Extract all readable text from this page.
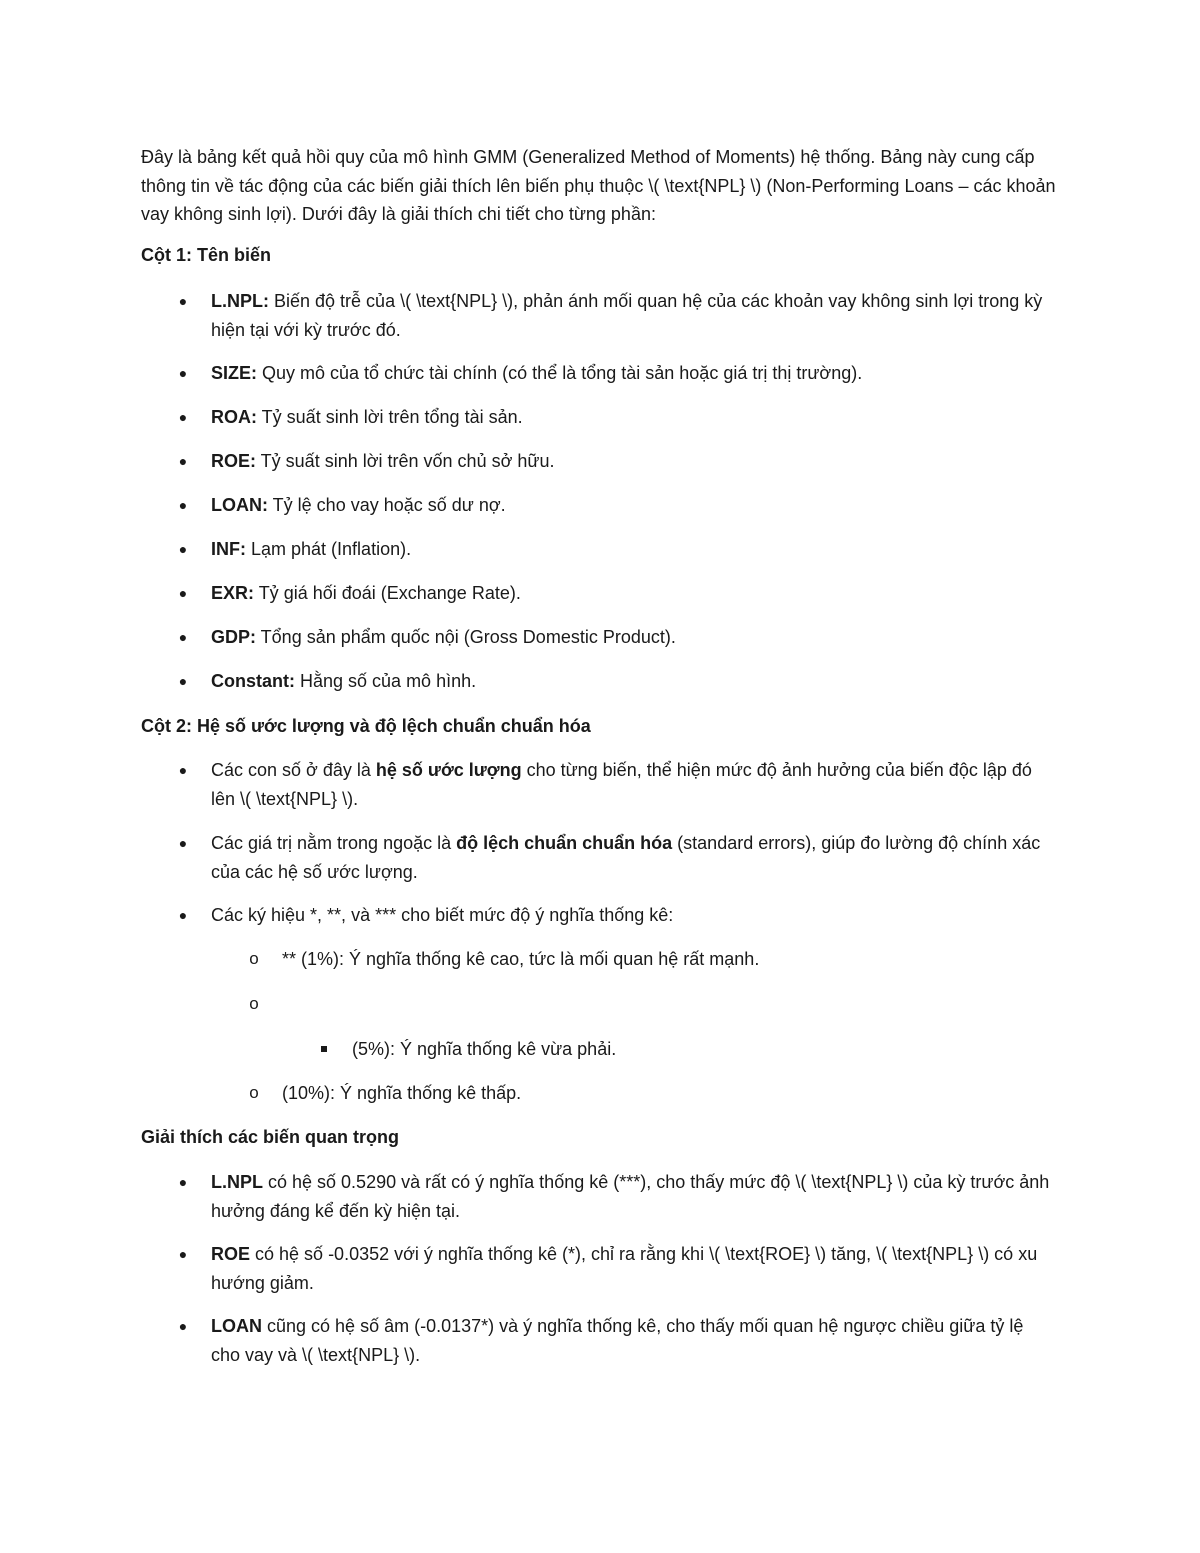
Đây là bảng kết quả hồi quy của mô hình GMM (Generalized Method of Moments) hệ thống. Bảng này cung cấp thông tin về tác động của các biến giải thích lên biến phụ thuộc \( \text{NPL} \) (Non-Performing Loans – các khoản vay không sinh lợi). Dưới đây là giải thích chi tiết cho từng phần:
Cột 1: Tên biến
●	L.NPL: Biến độ trễ của \( \text{NPL} \), phản ánh mối quan hệ của các khoản vay không sinh lợi trong kỳ hiện tại với kỳ trước đó.
●	SIZE: Quy mô của tổ chức tài chính (có thể là tổng tài sản hoặc giá trị thị trường).
●	ROA: Tỷ suất sinh lời trên tổng tài sản.
●	ROE: Tỷ suất sinh lời trên vốn chủ sở hữu.
●	LOAN: Tỷ lệ cho vay hoặc số dư nợ.
●	INF: Lạm phát (Inflation).
●	EXR: Tỷ giá hối đoái (Exchange Rate).
●	GDP: Tổng sản phẩm quốc nội (Gross Domestic Product).
●	Constant: Hằng số của mô hình.
Cột 2: Hệ số ước lượng và độ lệch chuẩn chuẩn hóa
●	Các con số ở đây là hệ số ước lượng cho từng biến, thể hiện mức độ ảnh hưởng của biến độc lập đó lên \( \text{NPL} \).
●	Các giá trị nằm trong ngoặc là độ lệch chuẩn chuẩn hóa (standard errors), giúp đo lường độ chính xác của các hệ số ước lượng.
●	Các ký hiệu *, **, và *** cho biết mức độ ý nghĩa thống kê:
o ** (1%): Ý nghĩa thống kê cao, tức là mối quan hệ rất mạnh.
o
(5%): Ý nghĩa thống kê vừa phải.
o (10%): Ý nghĩa thống kê thấp.
Giải thích các biến quan trọng
●	L.NPL có hệ số 0.5290 và rất có ý nghĩa thống kê (***), cho thấy mức độ \( \text{NPL} \) của kỳ trước ảnh hưởng đáng kể đến kỳ hiện tại.
●	ROE có hệ số -0.0352 với ý nghĩa thống kê (*), chỉ ra rằng khi \( \text{ROE} \) tăng, \( \text{NPL} \) có xu hướng giảm.
●	LOAN cũng có hệ số âm (-0.0137*) và ý nghĩa thống kê, cho thấy mối quan hệ ngược chiều giữa tỷ lệ cho vay và \( \text{NPL} \).
